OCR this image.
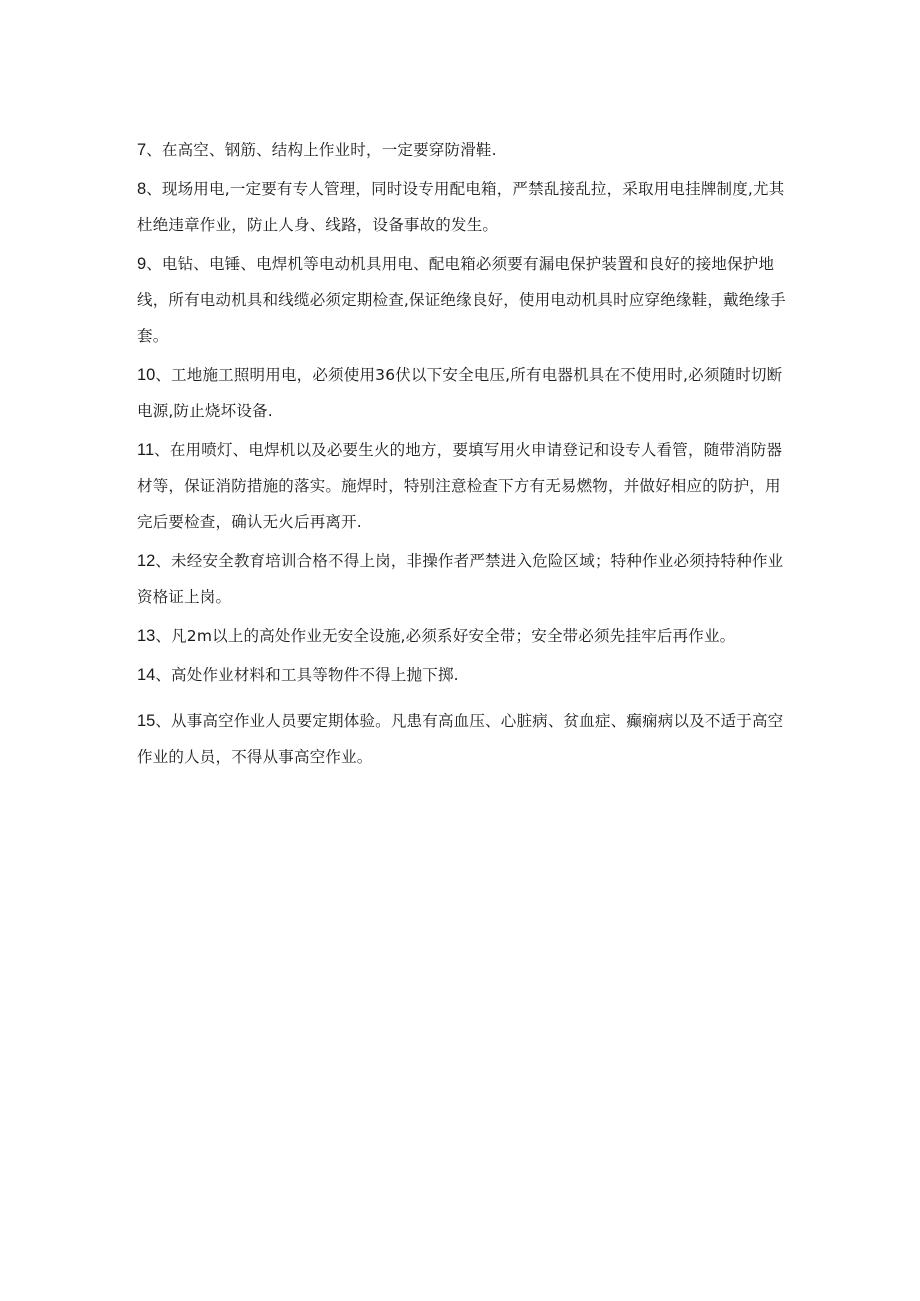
7、在高空、钢筋、结构上作业时，一定要穿防滑鞋.

8、现场用电,一定要有专人管理，同时设专用配电箱，严禁乱接乱拉，采取用电挂牌制度,尤其杜绝违章作业，防止人身、线路，设备事故的发生。

9、电钻、电锤、电焊机等电动机具用电、配电箱必须要有漏电保护装置和良好的接地保护地线，所有电动机具和线缆必须定期检查,保证绝缘良好，使用电动机具时应穿绝缘鞋，戴绝缘手套。

10、工地施工照明用电，必须使用36伏以下安全电压,所有电器机具在不使用时,必须随时切断电源,防止烧坏设备.

11、在用喷灯、电焊机以及必要生火的地方，要填写用火申请登记和设专人看管，随带消防器材等，保证消防措施的落实。施焊时，特别注意检查下方有无易燃物，并做好相应的防护，用完后要检查，确认无火后再离开.

12、未经安全教育培训合格不得上岗，非操作者严禁进入危险区域；特种作业必须持特种作业资格证上岗。

13、凡2m以上的高处作业无安全设施,必须系好安全带；安全带必须先挂牢后再作业。

14、高处作业材料和工具等物件不得上抛下掷.

15、从事高空作业人员要定期体验。凡患有高血压、心脏病、贫血症、癫痫病以及不适于高空作业的人员，不得从事高空作业。
